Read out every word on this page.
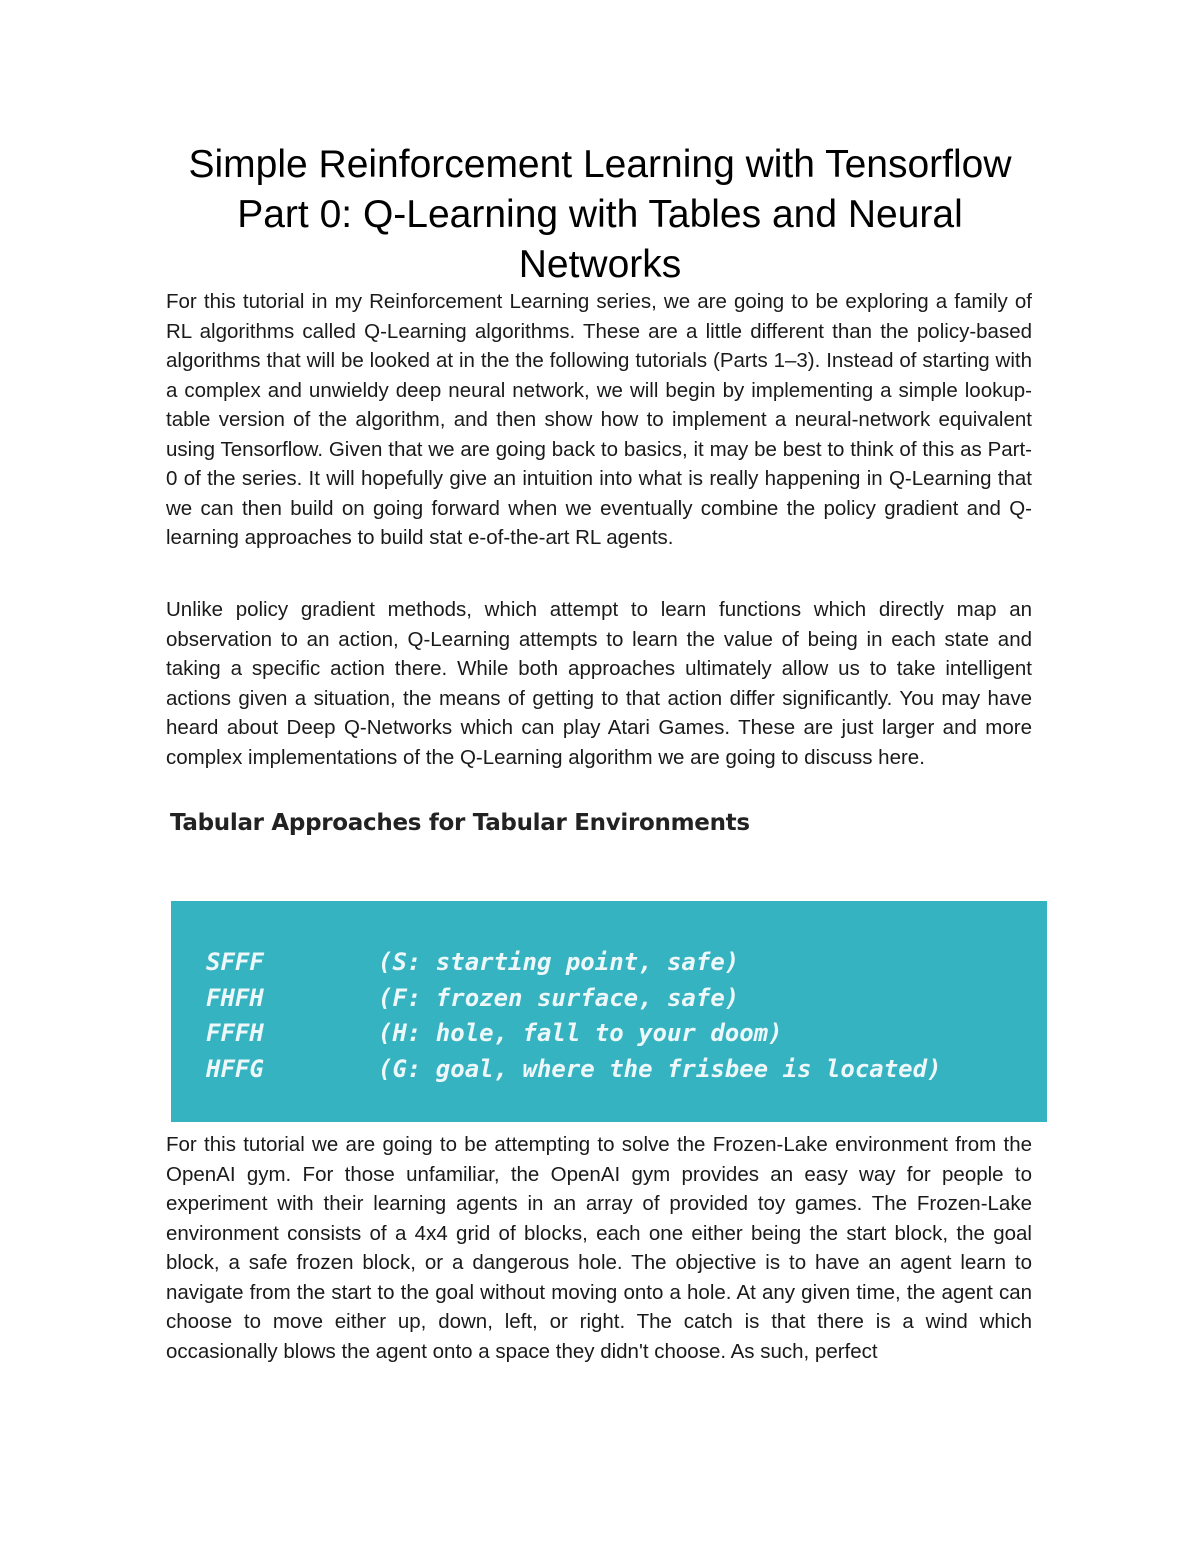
Simple Reinforcement Learning with Tensorflow Part 0: Q-Learning with Tables and Neural Networks

For this tutorial in my Reinforcement Learning series, we are going to be exploring a family of RL algorithms called Q-Learning algorithms. These are a little different than the policy-based algorithms that will be looked at in the the following tutorials (Parts 1–3). Instead of starting with a complex and unwieldy deep neural network, we will begin by implementing a simple lookup-table version of the algorithm, and then show how to implement a neural-network equivalent using Tensorflow. Given that we are going back to basics, it may be best to think of this as Part-0 of the series. It will hopefully give an intuition into what is really happening in Q-Learning that we can then build on going forward when we eventually combine the policy gradient and Q-learning approaches to build stat e-of-the-art RL agents.

Unlike policy gradient methods, which attempt to learn functions which directly map an observation to an action, Q-Learning attempts to learn the value of being in each state and taking a specific action there. While both approaches ultimately allow us to take intelligent actions given a situation, the means of getting to that action differ significantly. You may have heard about Deep Q-Networks which can play Atari Games. These are just larger and more complex implementations of the Q-Learning algorithm we are going to discuss here.

Tabular Approaches for Tabular Environments
SFFF	(S: starting point, safe)
FHFH	(F: frozen surface, safe)
FFFH	(H: hole, fall to your doom)
HFFG	(G: goal, where the frisbee is located)

For this tutorial we are going to be attempting to solve the Frozen-Lake environment from the OpenAI gym. For those unfamiliar, the OpenAI gym provides an easy way for people to experiment with their learning agents in an array of provided toy games. The Frozen-Lake environment consists of a 4x4 grid of blocks, each one either being the start block, the goal block, a safe frozen block, or a dangerous hole. The objective is to have an agent learn to navigate from the start to the goal without moving onto a hole. At any given time, the agent can choose to move either up, down, left, or right. The catch is that there is a wind which occasionally blows the agent onto a space they didn't choose. As such, perfect
